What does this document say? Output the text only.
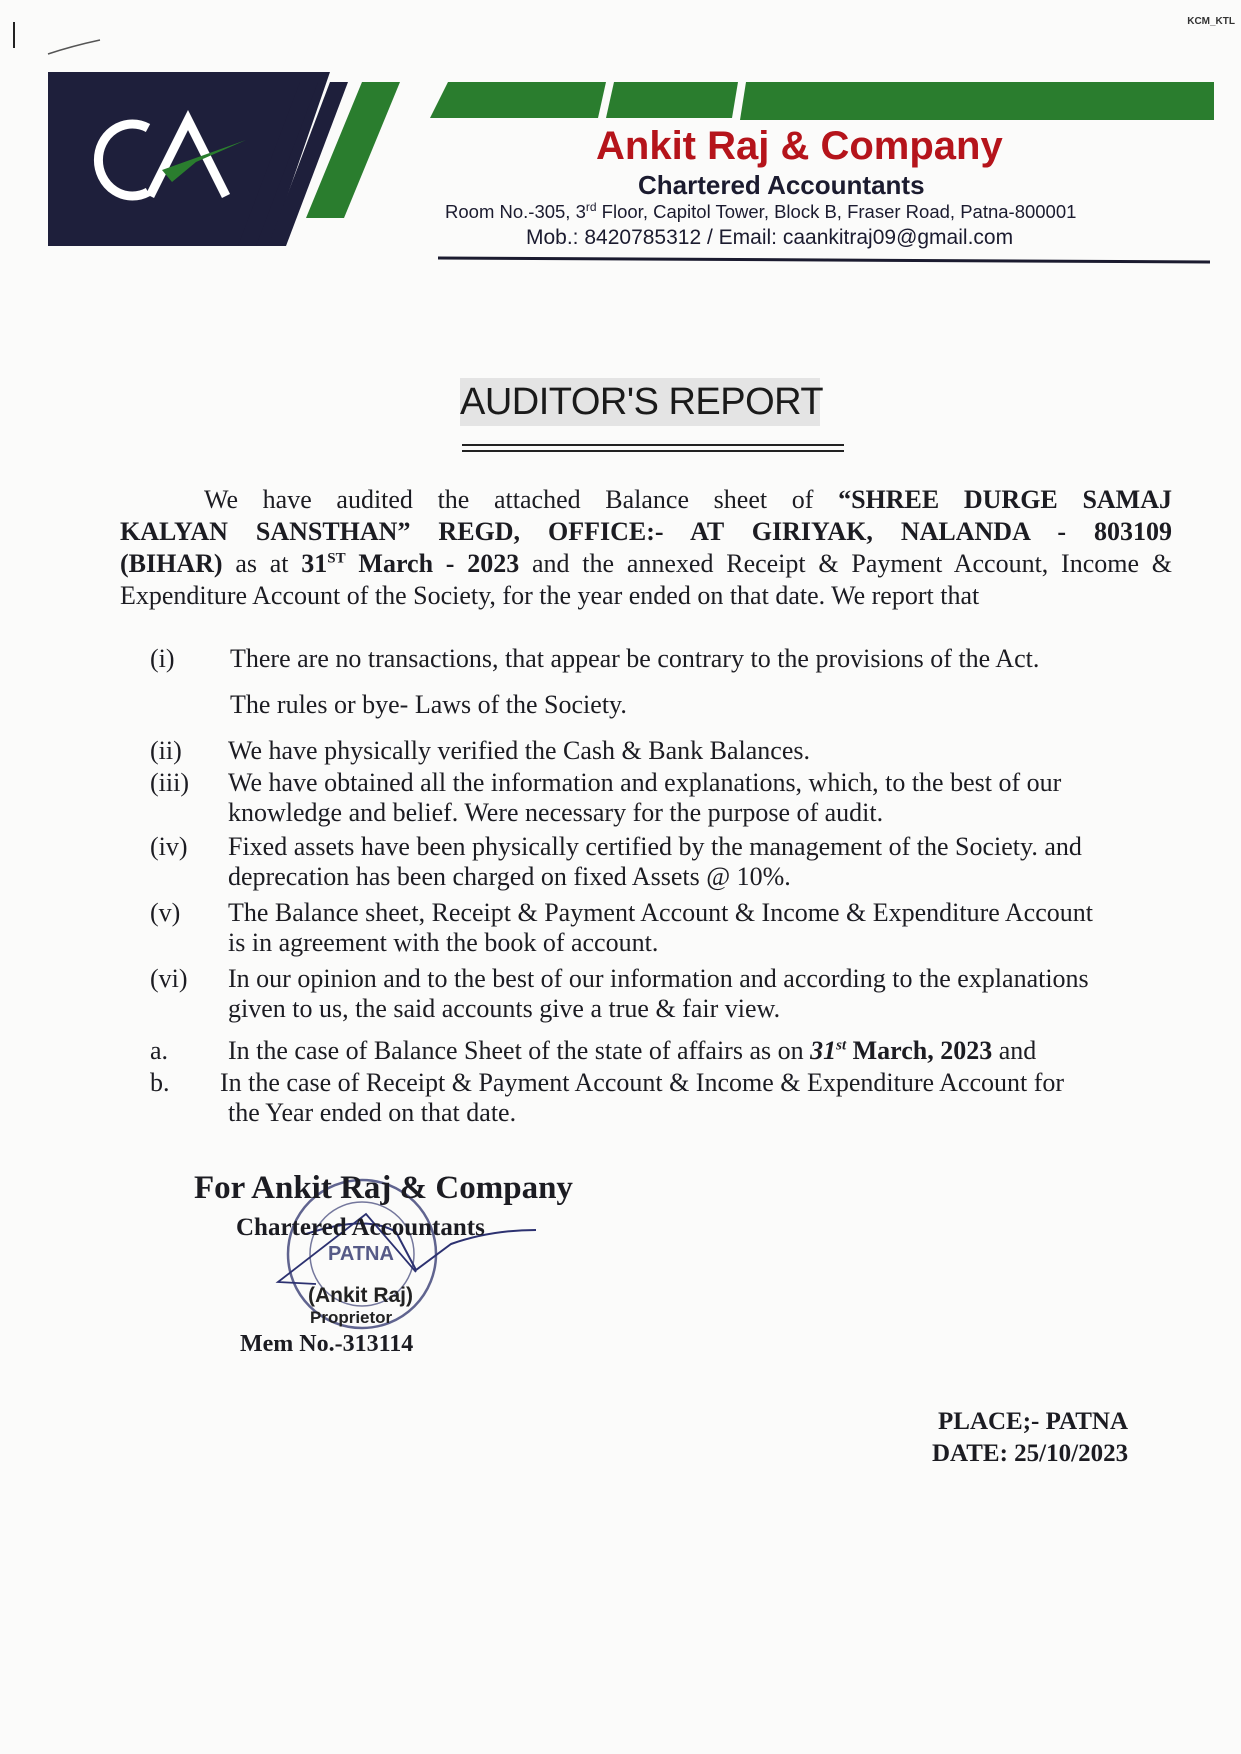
KCM_KTL
Ankit Raj & Company
Chartered Accountants
Room No.-305, 3rd Floor, Capitol Tower, Block B, Fraser Road, Patna-800001
Mob.: 8420785312 / Email: caankitraj09@gmail.com
AUDITOR'S REPORT

We have audited the attached Balance sheet of “SHREE DURGE SAMAJ

KALYAN SANSTHAN” REGD, OFFICE:- AT GIRIYAK, NALANDA - 803109

(BIHAR) as at 31ST March - 2023 and the annexed Receipt & Payment Account, Income &

Expenditure Account of the Society, for the year ended on that date. We report that

(i) There are no transactions, that appear be contrary to the provisions of the Act.
The rules or bye- Laws of the Society.
(ii) We have physically verified the Cash & Bank Balances.
(iii) We have obtained all the information and explanations, which, to the best of our
knowledge and belief. Were necessary for the purpose of audit.
(iv) Fixed assets have been physically certified by the management of the Society. and
deprecation has been charged on fixed Assets @ 10%.
(v) The Balance sheet, Receipt & Payment Account & Income & Expenditure Account
is in agreement with the book of account.
(vi) In our opinion and to the best of our information and according to the explanations
given to us, the said accounts give a true & fair view.
a. In the case of Balance Sheet of the state of affairs as on 31st March, 2023 and
b. In the case of Receipt & Payment Account & Income & Expenditure Account for
the Year ended on that date.
PATNA
For Ankit Raj & Company
Chartered Accountants
(Ankit Raj)
Proprietor
Mem No.-313114
PLACE;- PATNA
DATE: 25/10/2023
